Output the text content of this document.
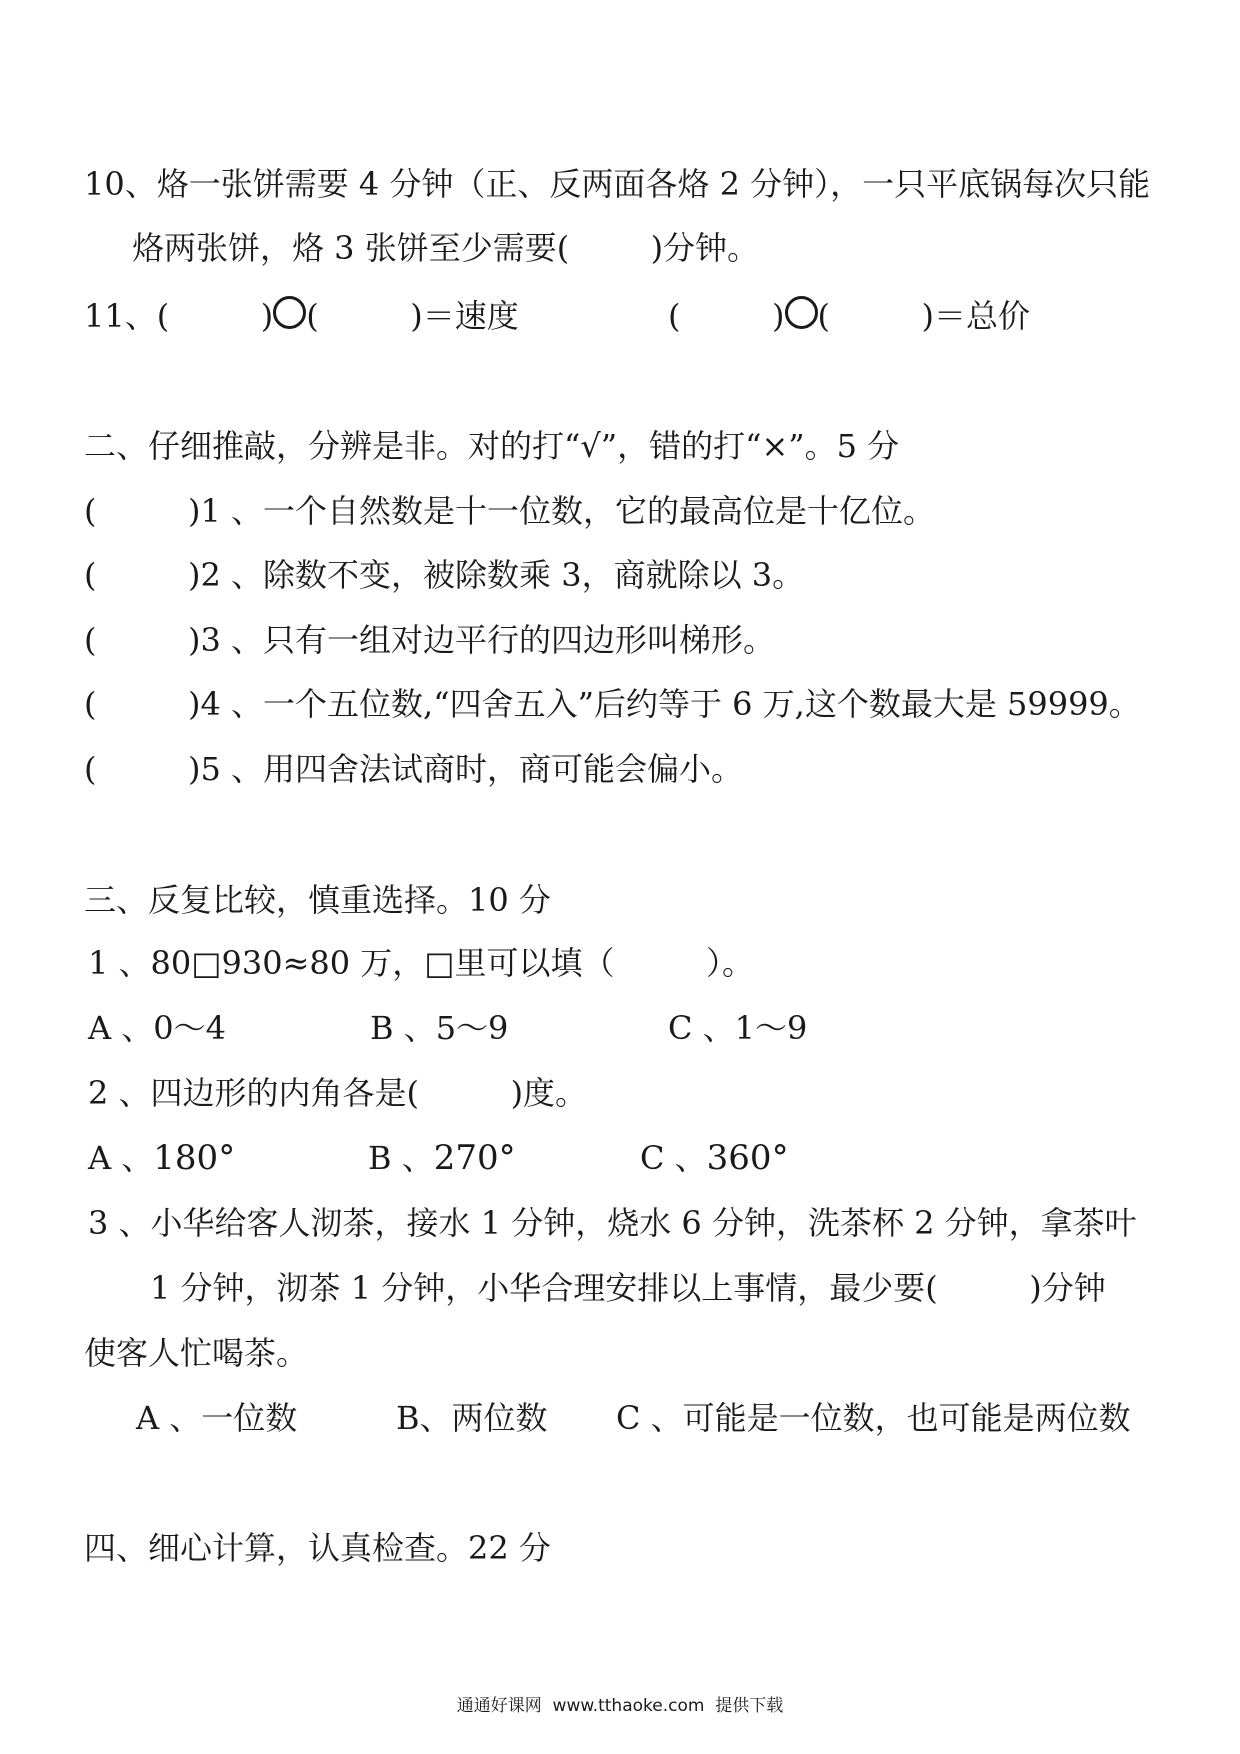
10、烙一张饼需要 4 分钟（正、反两面各烙 2 分钟），一只平底锅每次只能

烙两张饼，烙 3 张饼至少需要(        )分钟。

11、(         ) (         )＝速度	(         ) (         )＝总价

二、仔细推敲，分辨是非。对的打“√”，错的打“×”。5 分

(         )1 、一个自然数是十一位数，它的最高位是十亿位。

(         )2 、除数不变，被除数乘 3，商就除以 3。

(         )3 、只有一组对边平行的四边形叫梯形。

(         )4 、一个五位数,“四舍五入”后约等于 6 万,这个数最大是 59999。

(         )5 、用四舍法试商时，商可能会偏小。

三、反复比较，慎重选择。10 分

1 、80□930≈80 万，□里可以填（         ）。

A 、0～4	B 、5～9	C 、1～9

2 、四边形的内角各是(         )度。

A 、180°	B 、270°	C 、360°

3 、小华给客人沏茶，接水 1 分钟，烧水 6 分钟，洗茶杯 2 分钟，拿茶叶

1 分钟，沏茶 1 分钟，小华合理安排以上事情，最少要(         )分钟

使客人忙喝茶。

A 、一位数	B、两位数 C 、可能是一位数，也可能是两位数

四、细心计算，认真检查。22 分

通通好课网  www.tthaoke.com  提供下载
